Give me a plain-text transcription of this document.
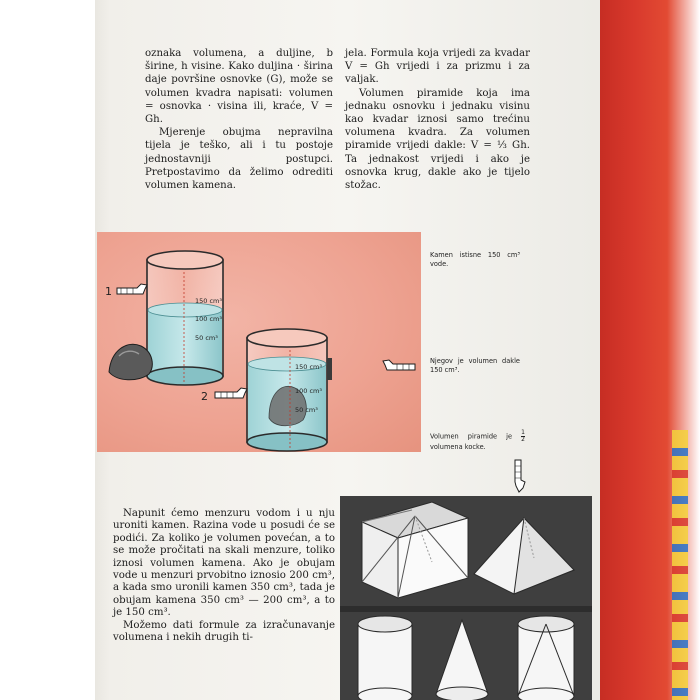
oznaka volumena, a duljine, b širine, h visine. Kako duljina · širina daje površine osnovke (G), može se volumen kvadra napisati: volumen = osnovka · visina ili, kraće, V = Gh.

Mjerenje obujma nepravilna tijela je teško, ali i tu postoje jednostavniji postupci. Pretpostavimo da želimo odrediti volumen kamena.

jela. Formula koja vrijedi za kvadar V = Gh vrijedi i za prizmu i za valjak.

Volumen piramide koja ima jednaku osnovku i jednaku visinu kao kvadar iznosi samo trećinu volumena kvadra. Za volumen piramide vrijedi dakle: V = ⅓ Gh. Ta jednakost vrijedi i ako je osnovka krug, dakle ako je tijelo stožac.

150 cm³
100 cm³
50 cm³
150 cm³
100 cm³
50 cm³
1
2
Kamen istisne 150 cm³ vode.
Njegov je volumen dakle 150 cm³.
Volumen piramide je $\frac{1}{2}$
volumena kocke.

Napunit ćemo menzuru vodom i u nju uroniti kamen. Razina vode u posudi će se podići. Za koliko je volumen povećan, a to se može pročitati na skali menzure, toliko iznosi volumen kamena. Ako je obujam vode u menzuri prvobitno iznosio 200 cm³, a kada smo uronili kamen 350 cm³, tada je obujam kamena 350 cm³ — 200 cm³, a to je 150 cm³.

Možemo dati formule za izračunavanje volumena i nekih drugih ti-
